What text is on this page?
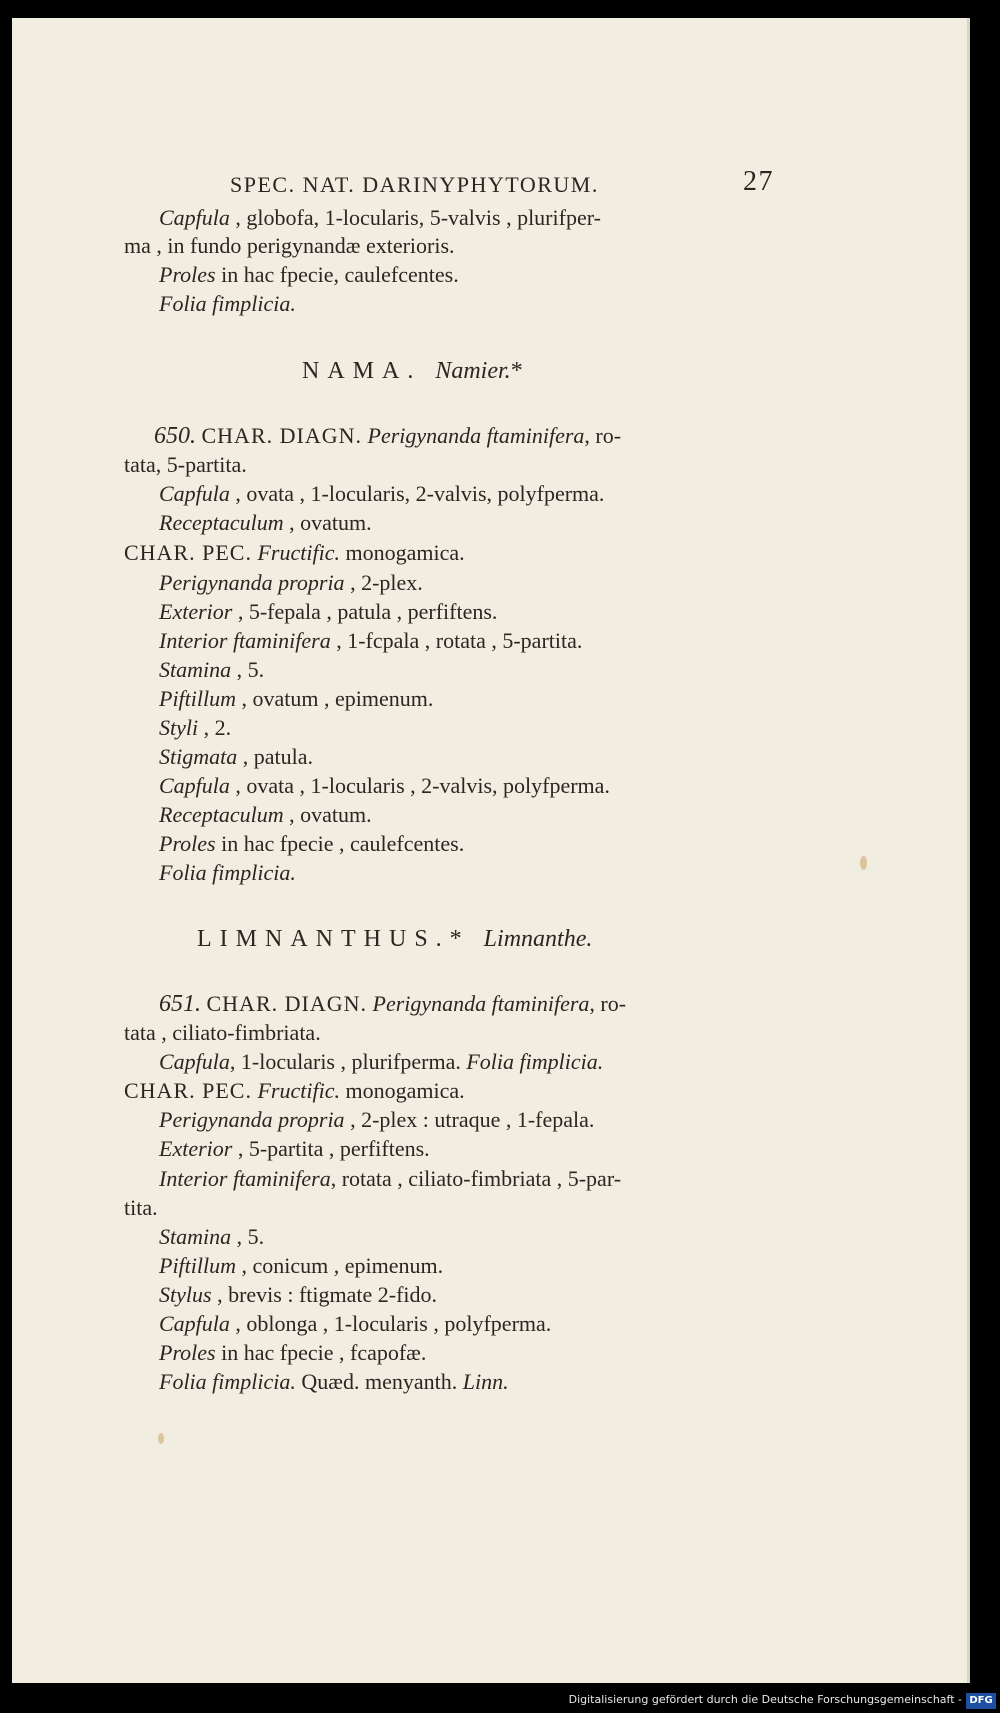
SPEC. NAT. DARINYPHYTORUM.	27
Capfula , globofa, 1-locularis, 5-valvis , plurifper-
ma , in fundo perigynandæ exterioris.
Proles in hac fpecie, caulefcentes.
Folia fimplicia.
NAMA. Namier.*
650. CHAR. DIAGN. Perigynanda ftaminifera, ro-
tata, 5-partita.
Capfula , ovata , 1-locularis, 2-valvis, polyfperma.
Receptaculum , ovatum.
CHAR. PEC. Fructific. monogamica.
Perigynanda propria , 2-plex.
Exterior , 5-fepala , patula , perfiftens.
Interior ftaminifera , 1-fcpala , rotata , 5-partita.
Stamina , 5.
Piftillum , ovatum , epimenum.
Styli , 2.
Stigmata , patula.
Capfula , ovata , 1-locularis , 2-valvis, polyfperma.
Receptaculum , ovatum.
Proles in hac fpecie , caulefcentes.
Folia fimplicia.
LIMNANTHUS.* Limnanthe.
651. CHAR. DIAGN. Perigynanda ftaminifera, ro-
tata , ciliato-fimbriata.
Capfula, 1-locularis , plurifperma. Folia fimplicia.
CHAR. PEC. Fructific. monogamica.
Perigynanda propria , 2-plex : utraque , 1-fepala.
Exterior , 5-partita , perfiftens.
Interior ftaminifera, rotata , ciliato-fimbriata , 5-par-
tita.
Stamina , 5.
Piftillum , conicum , epimenum.
Stylus , brevis : ftigmate 2-fido.
Capfula , oblonga , 1-locularis , polyfperma.
Proles in hac fpecie , fcapofæ.
Folia fimplicia. Quæd. menyanth. Linn.
Digitalisierung gefördert durch die Deutsche Forschungsgemeinschaft - DFG
